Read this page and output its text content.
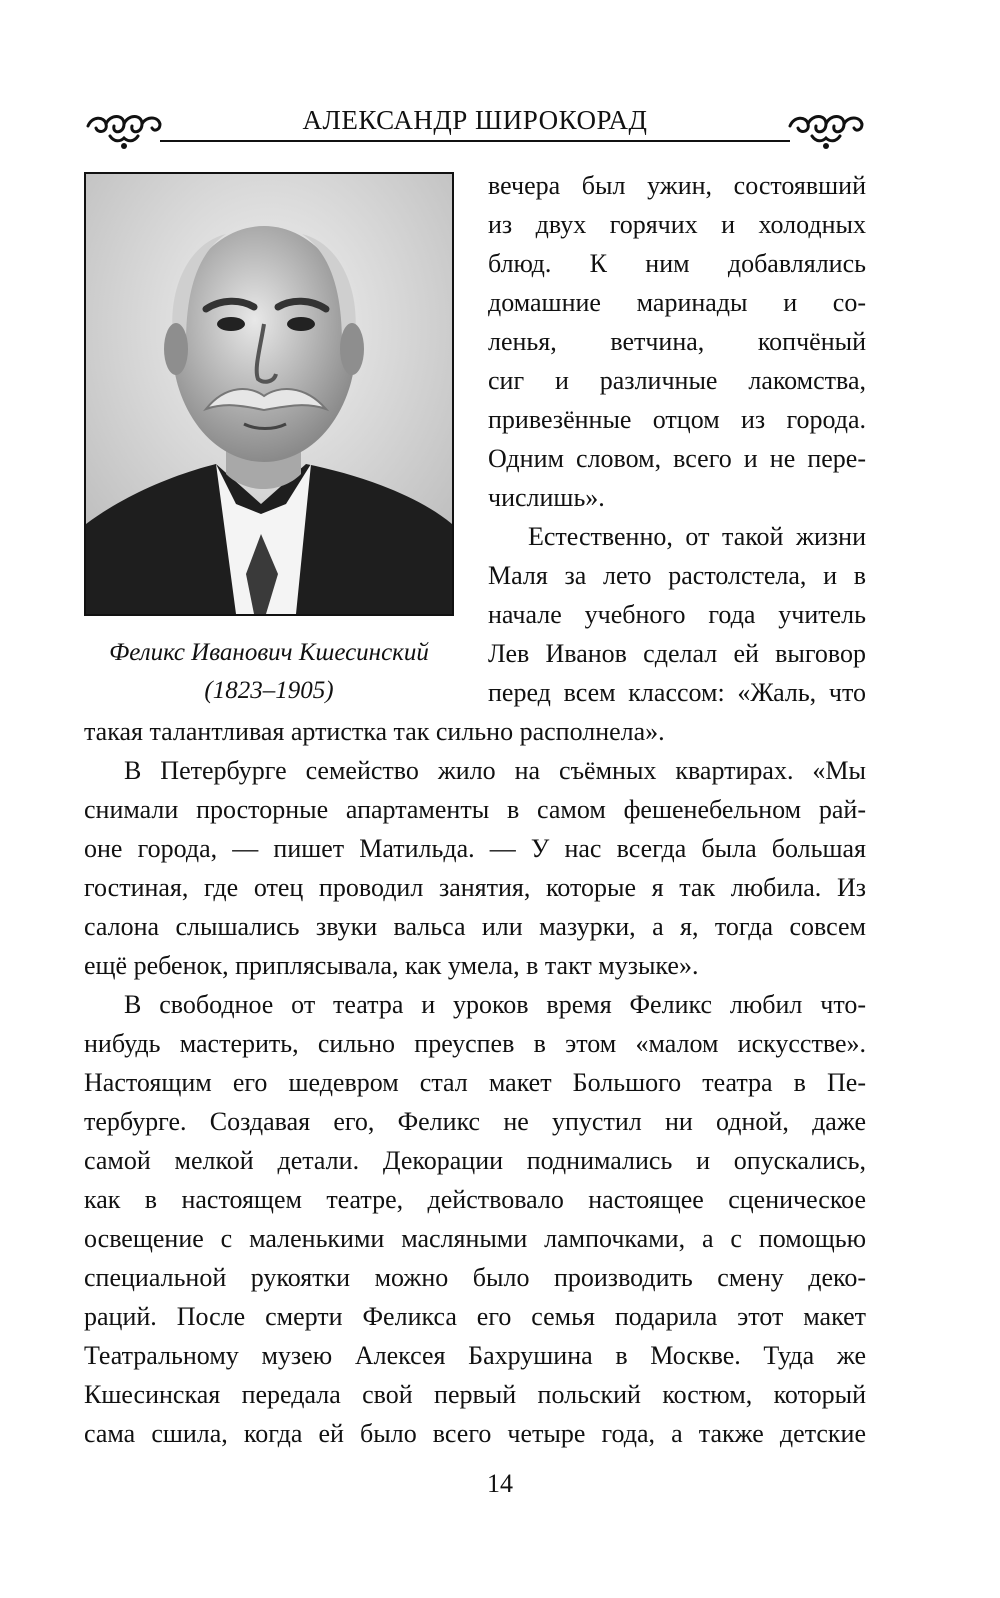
АЛЕКСАНДР ШИРОКОРАД
Феликс Иванович Кшесинский
(1823–1905)
вечера был ужин, состоявший
из двух горячих и холодных
блюд. К ним добавлялись
домашние маринады и со-
ленья, ветчина, копчёный
сиг и различные лакомства,
привезённые отцом из города.
Одним словом, всего и не пере-
числишь».
Естественно, от такой жизни
Маля за лето растолстела, и в
начале учебного года учитель
Лев Иванов сделал ей выговор
перед всем классом: «Жаль, что
такая талантливая артистка так сильно располнела».
В Петербурге семейство жило на съёмных квартирах. «Мы
снимали просторные апартаменты в самом фешенебельном рай-
оне города, — пишет Матильда. — У нас всегда была большая
гостиная, где отец проводил занятия, которые я так любила. Из
салона слышались звуки вальса или мазурки, а я, тогда совсем
ещё ребенок, приплясывала, как умела, в такт музыке».
В свободное от театра и уроков время Феликс любил что-
нибудь мастерить, сильно преуспев в этом «малом искусстве».
Настоящим его шедевром стал макет Большого театра в Пе-
тербурге. Создавая его, Феликс не упустил ни одной, даже
самой мелкой детали. Декорации поднимались и опускались,
как в настоящем театре, действовало настоящее сценическое
освещение с маленькими масляными лампочками, а с помощью
специальной рукоятки можно было производить смену деко-
раций. После смерти Феликса его семья подарила этот макет
Театральному музею Алексея Бахрушина в Москве. Туда же
Кшесинская передала свой первый польский костюм, который
сама сшила, когда ей было всего четыре года, а также детские
14
